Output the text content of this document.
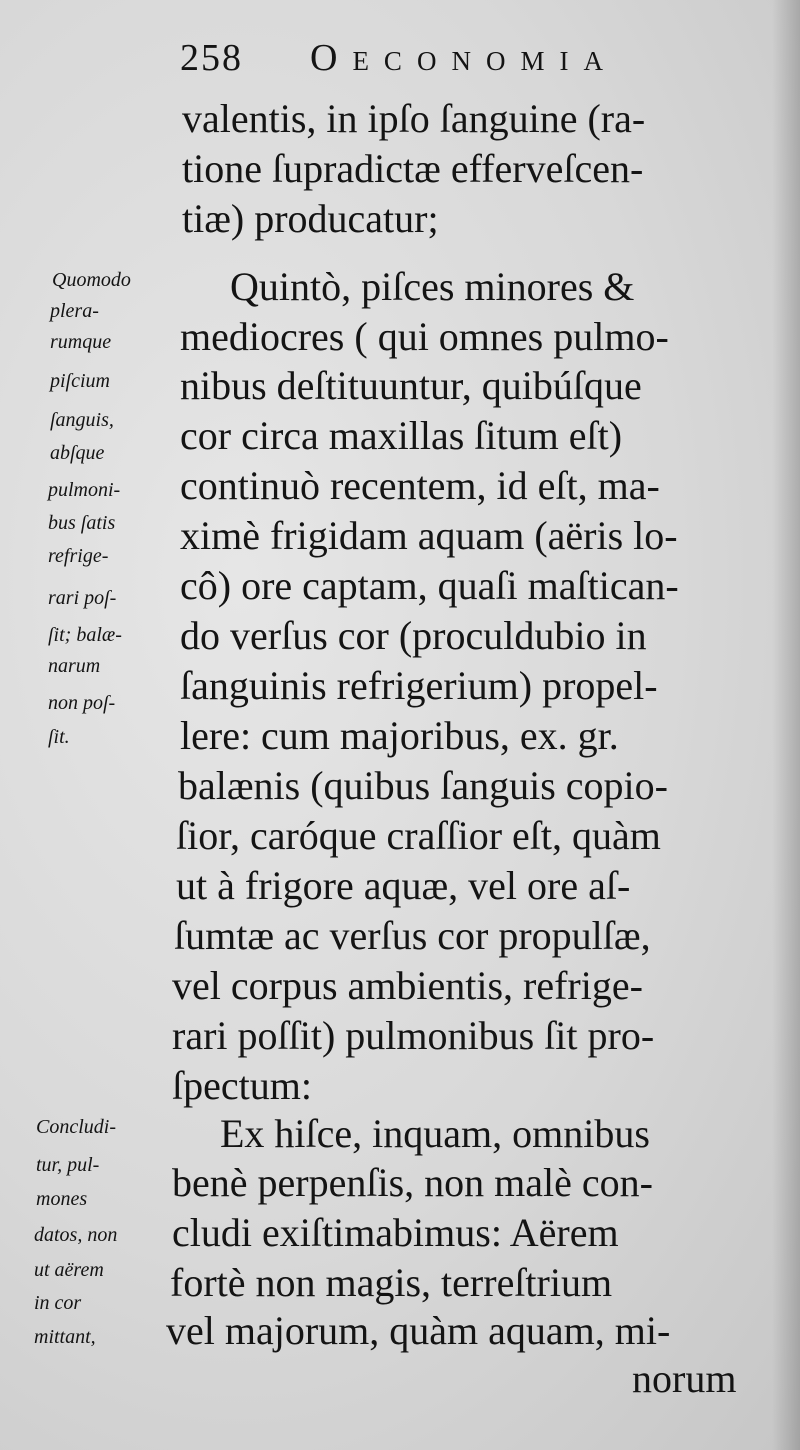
258 Oeconomia
valentis, in ipſo ſanguine (ra-
tione ſupradictæ effervеſcen-
tiæ) producatur;
Quintò, piſces minores &
mediocres ( qui omnes pulmo-
nibus deſtituuntur, quibúſque
cor circa maxillas ſitum eſt)
continuò recentem, id eſt, ma-
ximè frigidam aquam (aëris lo-
cô) ore captam, quaſi maſtican-
do verſus cor (proculdubio in
ſanguinis refrigerium) propel-
lere: cum majoribus, ex. gr.
balænis (quibus ſanguis copio-
ſior, caróque craſſior eſt, quàm
ut à frigore aquæ, vel ore aſ-
ſumtæ ac verſus cor propulſæ,
vel corpus ambientis, refrige-
rari poſſit) pulmonibus ſit pro-
ſpectum:
Ex hiſce, inquam, omnibus
benè perpenſis, non malè con-
cludi exiſtimabimus: Aërem
fortè non magis, terreſtrium
vel majorum, quàm aquam, mi-
norum
Quomodo
plera-
rumque
piſcium
ſanguis,
abſque
pulmoni-
bus ſatis
refrige-
rari poſ-
ſit; balæ-
narum
non poſ-
ſit.
Concludi-
tur, pul-
mones
datos, non
ut aërem
in cor
mittant,
